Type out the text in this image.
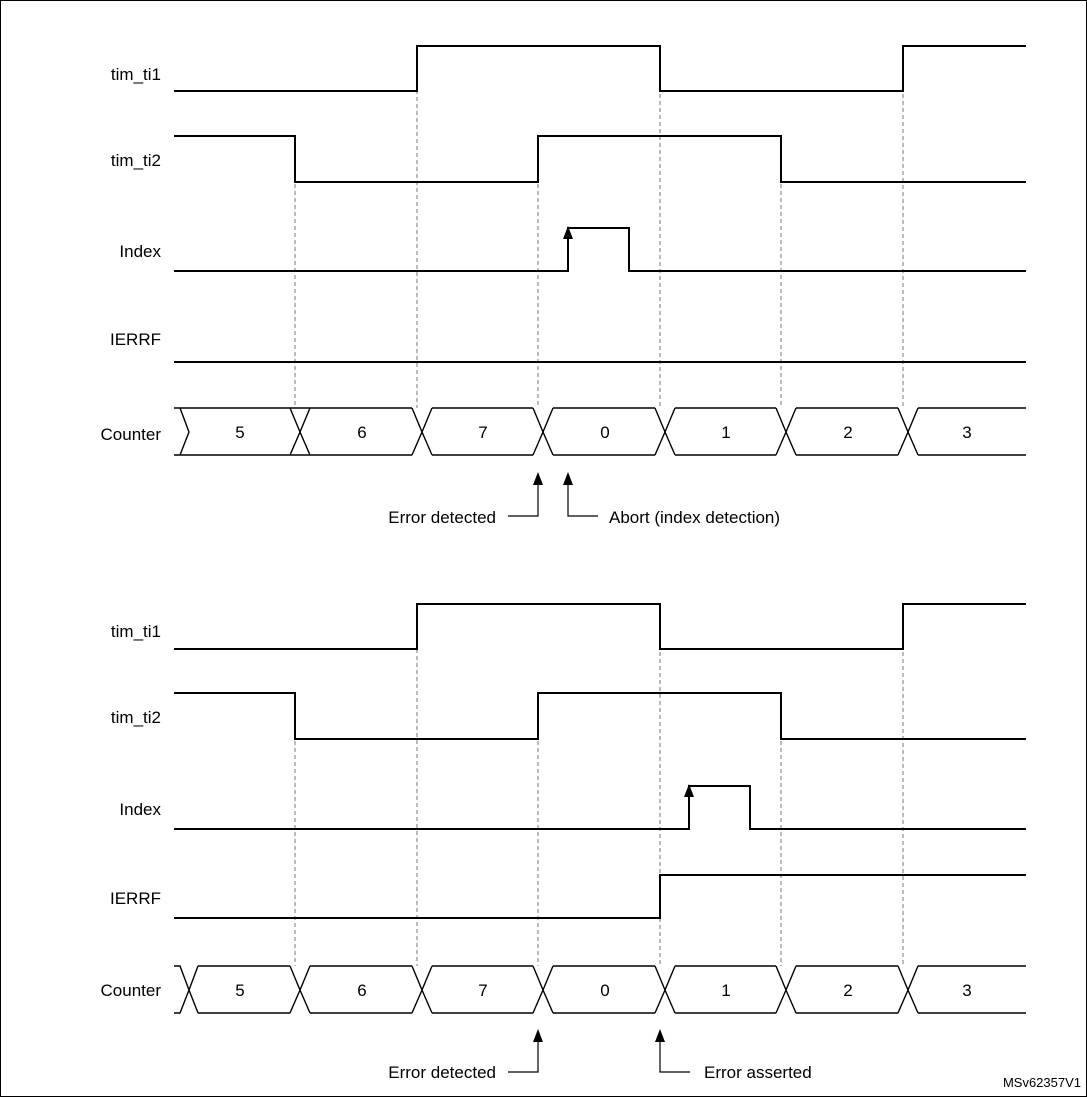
tim_ti1
tim_ti2
Index
IERRF
Counter	5	6	7	0	1	2	3
Error detected	Abort (index detection)
tim_ti1
tim_ti2
Index
IERRF
Counter	5	6	7	0	1	2	3
Error detected	Error asserted
MSv62357V1
